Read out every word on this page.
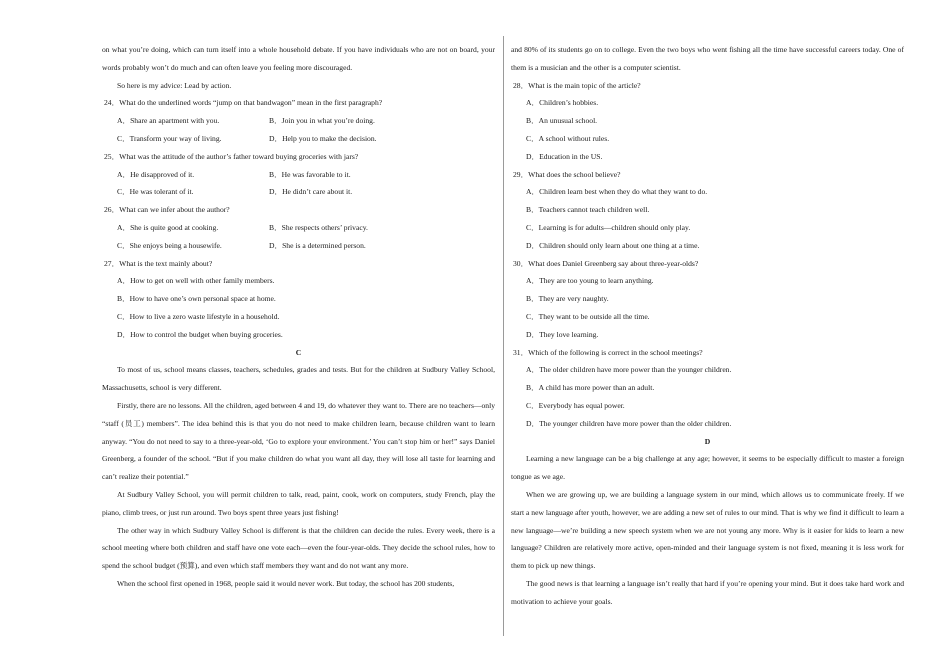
on what you’re doing, which can turn itself into a whole household debate. If you have individuals who are not on board, your words probably won’t do much and can often leave you feeling more discouraged.

So here is my advice: Lead by action.

24．What do the underlined words “jump on that bandwagon” mean in the first paragraph?
A．Share an apartment with you.	B．Join you in what you’re doing.
C．Transform your way of living.	D．Help you to make the decision.
25．What was the attitude of the author’s father toward buying groceries with jars?
A．He disapproved of it.	B．He was favorable to it.
C．He was tolerant of it.	D．He didn’t care about it.
26．What can we infer about the author?
A．She is quite good at cooking.	B．She respects others’ privacy.
C．She enjoys being a housewife.	D．She is a determined person.
27．What is the text mainly about?
A．How to get on well with other family members.
B．How to have one’s own personal space at home.
C．How to live a zero waste lifestyle in a household.
D．How to control the budget when buying groceries.
C

To most of us, school means classes, teachers, schedules, grades and tests. But for the children at Sudbury Valley School, Massachusetts, school is very different.

Firstly, there are no lessons. All the children, aged between 4 and 19, do whatever they want to. There are no teachers—only “staff (员工) members”. The idea behind this is that you do not need to make children learn, because children want to learn anyway. “You do not need to say to a three-year-old, ‘Go to explore your environment.’ You can’t stop him or her!” says Daniel Greenberg, a founder of the school. “But if you make children do what you want all day, they will lose all taste for learning and can’t realize their potential.”

At Sudbury Valley School, you will permit children to talk, read, paint, cook, work on computers, study French, play the piano, climb trees, or just run around. Two boys spent three years just fishing!

The other way in which Sudbury Valley School is different is that the children can decide the rules. Every week, there is a school meeting where both children and staff have one vote each—even the four-year-olds. They decide the school rules, how to spend the school budget (预算), and even which staff members they want and do not want any more.

When the school first opened in 1968, people said it would never work. But today, the school has 200 students,

and 80% of its students go on to college. Even the two boys who went fishing all the time have successful careers today. One of them is a musician and the other is a computer scientist.

28．What is the main topic of the article?
A．Children’s hobbies.
B．An unusual school.
C．A school without rules.
D．Education in the US.
29．What does the school believe?
A．Children learn best when they do what they want to do.
B．Teachers cannot teach children well.
C．Learning is for adults—children should only play.
D．Children should only learn about one thing at a time.
30．What does Daniel Greenberg say about three-year-olds?
A．They are too young to learn anything.
B．They are very naughty.
C．They want to be outside all the time.
D．They love learning.
31．Which of the following is correct in the school meetings?
A．The older children have more power than the younger children.
B．A child has more power than an adult.
C．Everybody has equal power.
D．The younger children have more power than the older children.
D

Learning a new language can be a big challenge at any age; however, it seems to be especially difficult to master a foreign tongue as we age.

When we are growing up, we are building a language system in our mind, which allows us to communicate freely. If we start a new language after youth, however, we are adding a new set of rules to our mind. That is why we find it difficult to learn a new language—we’re building a new speech system when we are not young any more. Why is it easier for kids to learn a new language? Children are relatively more active, open-minded and their language system is not fixed, meaning it is less work for them to pick up new things.

The good news is that learning a language isn’t really that hard if you’re opening your mind. But it does take hard work and motivation to achieve your goals.
